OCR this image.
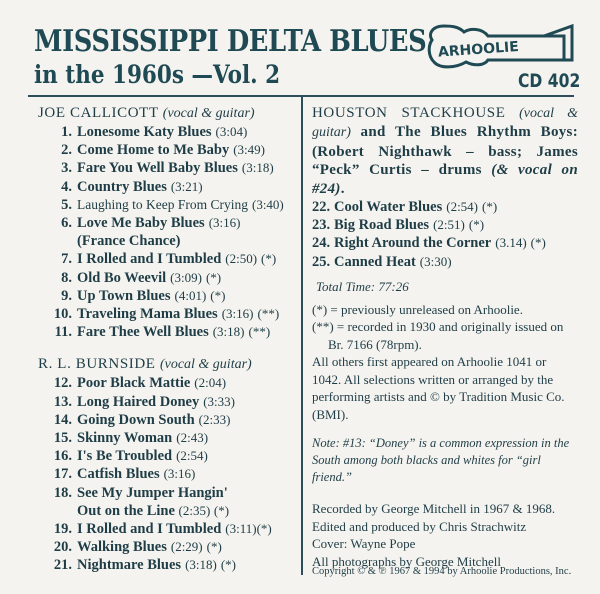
MISSISSIPPI DELTA BLUES
in the 1960s —Vol. 2
ARHOOLIE
CD 402
JOE CALLICOTT (vocal & guitar)
1. Lonesome Katy Blues (3:04)
2. Come Home to Me Baby (3:49)
3. Fare You Well Baby Blues (3:18)
4. Country Blues (3:21)
5. Laughing to Keep From Crying (3:40)
6. Love Me Baby Blues (3:16)
(France Chance)
7. I Rolled and I Tumbled (2:50) (*)
8. Old Bo Weevil (3:09) (*)
9. Up Town Blues (4:01) (*)
10. Traveling Mama Blues (3:16) (**)
11. Fare Thee Well Blues (3:18) (**)
R. L. BURNSIDE (vocal & guitar)
12. Poor Black Mattie (2:04)
13. Long Haired Doney (3:33)
14. Going Down South (2:33)
15. Skinny Woman (2:43)
16. I's Be Troubled (2:54)
17. Catfish Blues (3:16)
18. See My Jumper Hangin'
Out on the Line (2:35) (*)
19. I Rolled and I Tumbled (3:11) (*)
20. Walking Blues (2:29) (*)
21. Nightmare Blues (3:18) (*)
HOUSTON STACKHOUSE (vocal & guitar) and The Blues Rhythm Boys: (Robert Nighthawk – bass; James “Peck” Curtis – drums (& vocal on #24).
22. Cool Water Blues (2:54) (*)
23. Big Road Blues (2:51) (*)
24. Right Around the Corner (3.14) (*)
25. Canned Heat (3:30)
Total Time: 77:26

(*) = previously unreleased on Arhoolie.

(**) = recorded in 1930 and originally issued on

Br. 7166 (78rpm).

All others first appeared on Arhoolie 1041 or 1042. All selections written or arranged by the performing artists and © by Tradition Music Co. (BMI).

Note: #13: “Doney” is a common expression in the South among both blacks and whites for “girl friend.”

Recorded by George Mitchell in 1967 & 1968.

Edited and produced by Chris Strachwitz

Cover: Wayne Pope

All photographs by George Mitchell

Copyright © & ℗ 1967 & 1994 by Arhoolie Productions, Inc.
